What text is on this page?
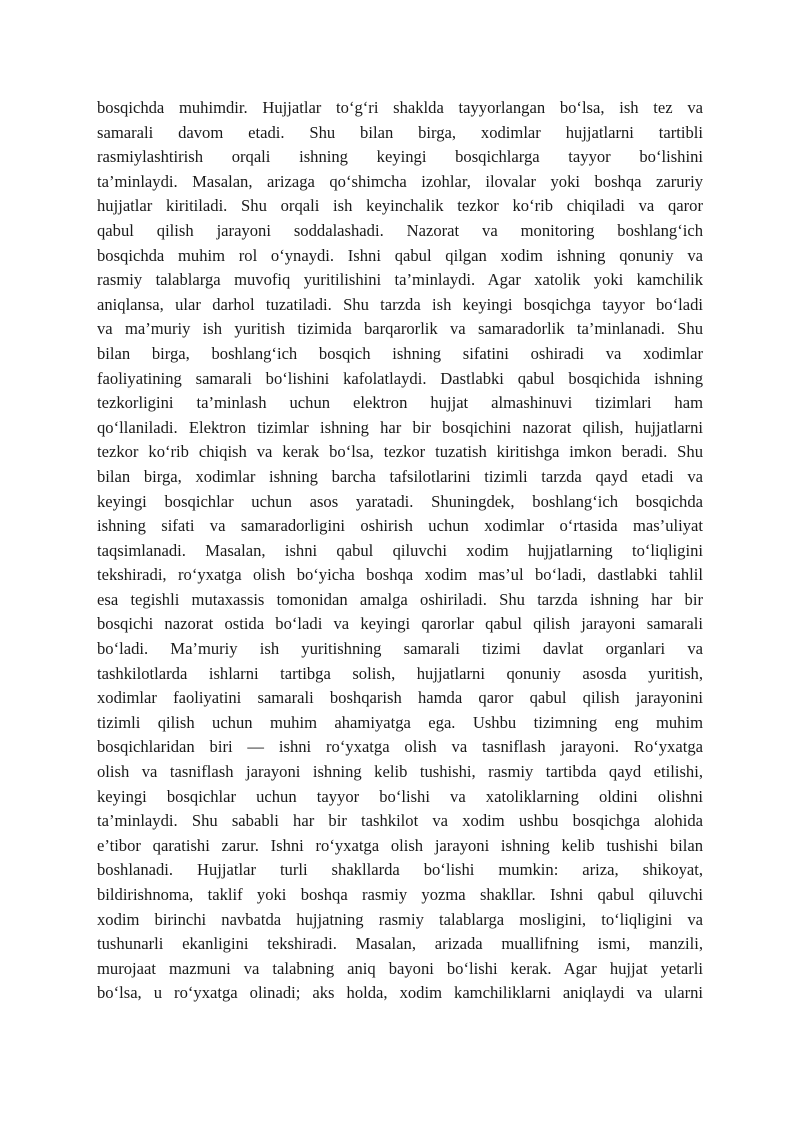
bosqichda muhimdir. Hujjatlar to‘g‘ri shaklda tayyorlangan bo‘lsa, ish tez va
samarali davom etadi. Shu bilan birga, xodimlar hujjatlarni tartibli
rasmiylashtirish orqali ishning keyingi bosqichlarga tayyor bo‘lishini
ta’minlaydi. Masalan, arizaga qo‘shimcha izohlar, ilovalar yoki boshqa zaruriy
hujjatlar kiritiladi. Shu orqali ish keyinchalik tezkor ko‘rib chiqiladi va qaror
qabul qilish jarayoni soddalashadi. Nazorat va monitoring boshlang‘ich
bosqichda muhim rol o‘ynaydi. Ishni qabul qilgan xodim ishning qonuniy va
rasmiy talablarga muvofiq yuritilishini ta’minlaydi. Agar xatolik yoki kamchilik
aniqlansa, ular darhol tuzatiladi. Shu tarzda ish keyingi bosqichga tayyor bo‘ladi
va ma’muriy ish yuritish tizimida barqarorlik va samaradorlik ta’minlanadi. Shu
bilan birga, boshlang‘ich bosqich ishning sifatini oshiradi va xodimlar
faoliyatining samarali bo‘lishini kafolatlaydi. Dastlabki qabul bosqichida ishning
tezkorligini ta’minlash uchun elektron hujjat almashinuvi tizimlari ham
qo‘llaniladi. Elektron tizimlar ishning har bir bosqichini nazorat qilish, hujjatlarni
tezkor ko‘rib chiqish va kerak bo‘lsa, tezkor tuzatish kiritishga imkon beradi. Shu
bilan birga, xodimlar ishning barcha tafsilotlarini tizimli tarzda qayd etadi va
keyingi bosqichlar uchun asos yaratadi. Shuningdek, boshlang‘ich bosqichda
ishning sifati va samaradorligini oshirish uchun xodimlar o‘rtasida mas’uliyat
taqsimlanadi. Masalan, ishni qabul qiluvchi xodim hujjatlarning to‘liqligini
tekshiradi, ro‘yxatga olish bo‘yicha boshqa xodim mas’ul bo‘ladi, dastlabki tahlil
esa tegishli mutaxassis tomonidan amalga oshiriladi. Shu tarzda ishning har bir
bosqichi nazorat ostida bo‘ladi va keyingi qarorlar qabul qilish jarayoni samarali
bo‘ladi. Ma’muriy ish yuritishning samarali tizimi davlat organlari va
tashkilotlarda ishlarni tartibga solish, hujjatlarni qonuniy asosda yuritish,
xodimlar faoliyatini samarali boshqarish hamda qaror qabul qilish jarayonini
tizimli qilish uchun muhim ahamiyatga ega. Ushbu tizimning eng muhim
bosqichlaridan biri — ishni ro‘yxatga olish va tasniflash jarayoni. Ro‘yxatga
olish va tasniflash jarayoni ishning kelib tushishi, rasmiy tartibda qayd etilishi,
keyingi bosqichlar uchun tayyor bo‘lishi va xatoliklarning oldini olishni
ta’minlaydi. Shu sababli har bir tashkilot va xodim ushbu bosqichga alohida
e’tibor qaratishi zarur. Ishni ro‘yxatga olish jarayoni ishning kelib tushishi bilan
boshlanadi. Hujjatlar turli shakllarda bo‘lishi mumkin: ariza, shikoyat,
bildirishnoma, taklif yoki boshqa rasmiy yozma shakllar. Ishni qabul qiluvchi
xodim birinchi navbatda hujjatning rasmiy talablarga mosligini, to‘liqligini va
tushunarli ekanligini tekshiradi. Masalan, arizada muallifning ismi, manzili,
murojaat mazmuni va talabning aniq bayoni bo‘lishi kerak. Agar hujjat yetarli
bo‘lsa, u ro‘yxatga olinadi; aks holda, xodim kamchiliklarni aniqlaydi va ularni
